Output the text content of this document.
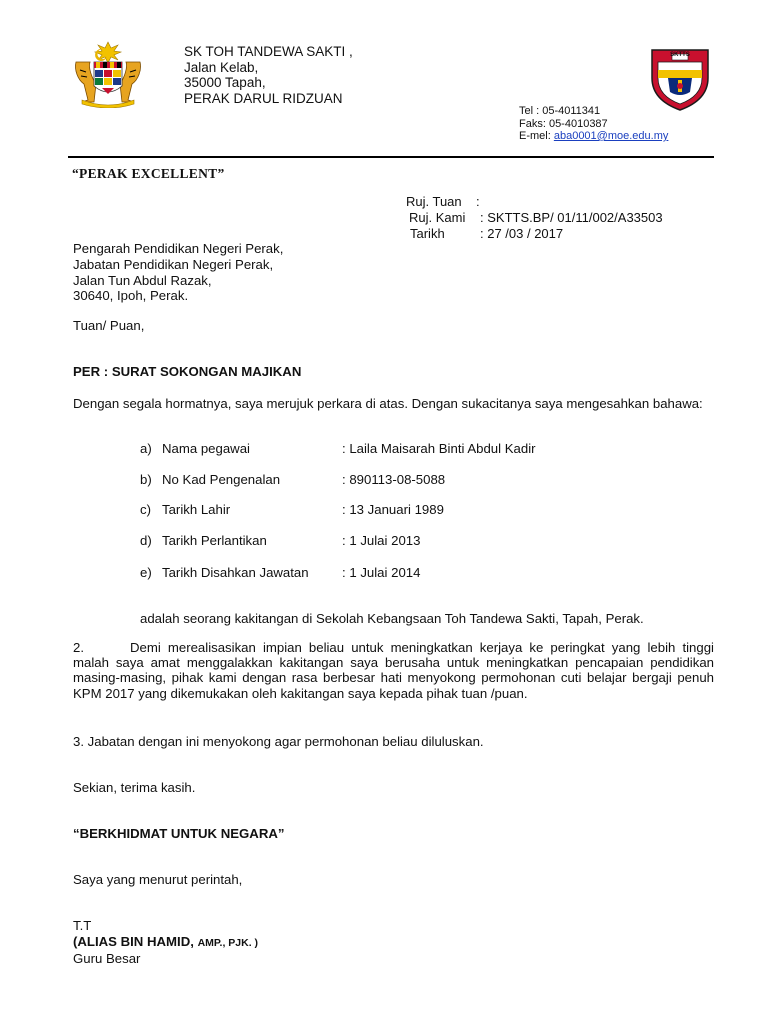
SK TOH TANDEWA SAKTI ,
Jalan Kelab,
35000 Tapah,
PERAK DARUL RIDZUAN
SKTTS
Tel : 05-4011341
Faks: 05-4010387
E-mel: aba0001@moe.edu.my
“PERAK EXCELLENT”
Ruj. Tuan :
Ruj. Kami : SKTTS.BP/ 01/11/002/A33503
Tarikh	: 27 /03 / 2017
Pengarah Pendidikan Negeri Perak,
Jabatan Pendidikan Negeri Perak,
Jalan Tun Abdul Razak,
30640, Ipoh, Perak.
Tuan/ Puan,
PER : SURAT SOKONGAN MAJIKAN
Dengan segala hormatnya, saya merujuk perkara di atas. Dengan sukacitanya saya mengesahkan bahawa:
a) Nama pegawai	: Laila Maisarah Binti Abdul Kadir
b) No Kad Pengenalan	: 890113-08-5088
c) Tarikh Lahir	: 13 Januari 1989
d) Tarikh Perlantikan	: 1 Julai 2013
e) Tarikh Disahkan Jawatan	: 1 Julai 2014
adalah seorang kakitangan di Sekolah Kebangsaan Toh Tandewa Sakti, Tapah, Perak.
2.	Demi merealisasikan impian beliau untuk meningkatkan kerjaya ke peringkat yang lebih tinggi malah saya amat menggalakkan kakitangan saya berusaha untuk meningkatkan pencapaian pendidikan masing-masing, pihak kami dengan rasa berbesar hati menyokong permohonan cuti belajar bergaji penuh KPM 2017 yang dikemukakan oleh kakitangan saya kepada pihak tuan /puan.
3. Jabatan dengan ini menyokong agar permohonan beliau diluluskan.
Sekian, terima kasih.
“BERKHIDMAT UNTUK NEGARA”
Saya yang menurut perintah,
T.T
(ALIAS BIN HAMID, AMP., PJK. )
Guru Besar
